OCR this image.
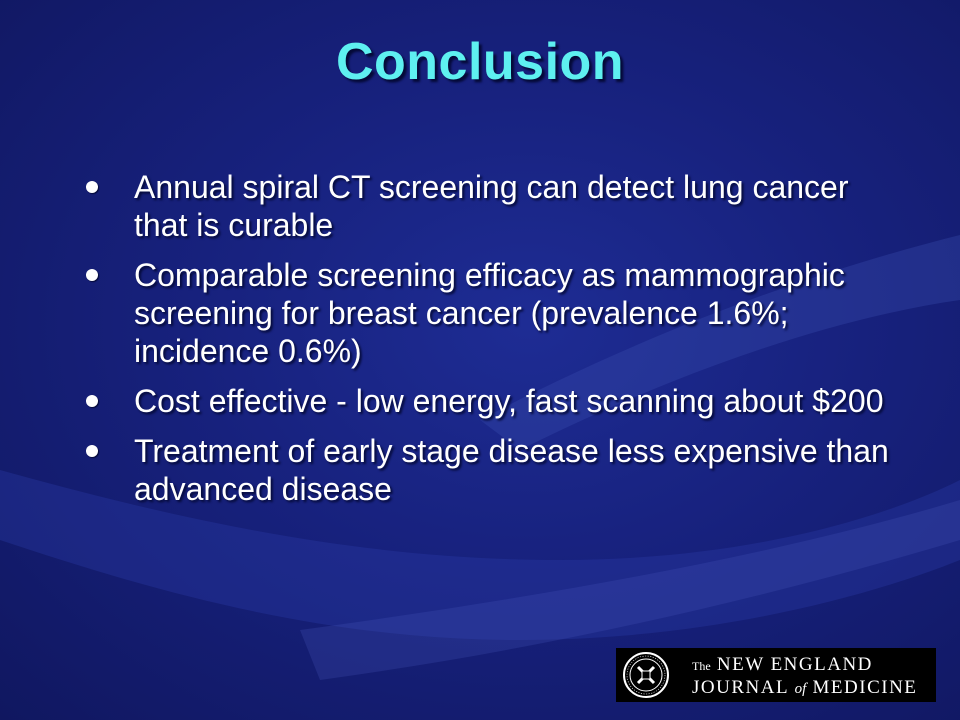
Conclusion
Annual spiral CT screening can detect lung cancer that is curable
Comparable screening efficacy as mammographic screening for breast cancer (prevalence 1.6%; incidence 0.6%)
Cost effective - low energy, fast scanning about $200
Treatment of early stage disease less expensive than advanced disease
The NEW ENGLAND
JOURNAL of MEDICINE
